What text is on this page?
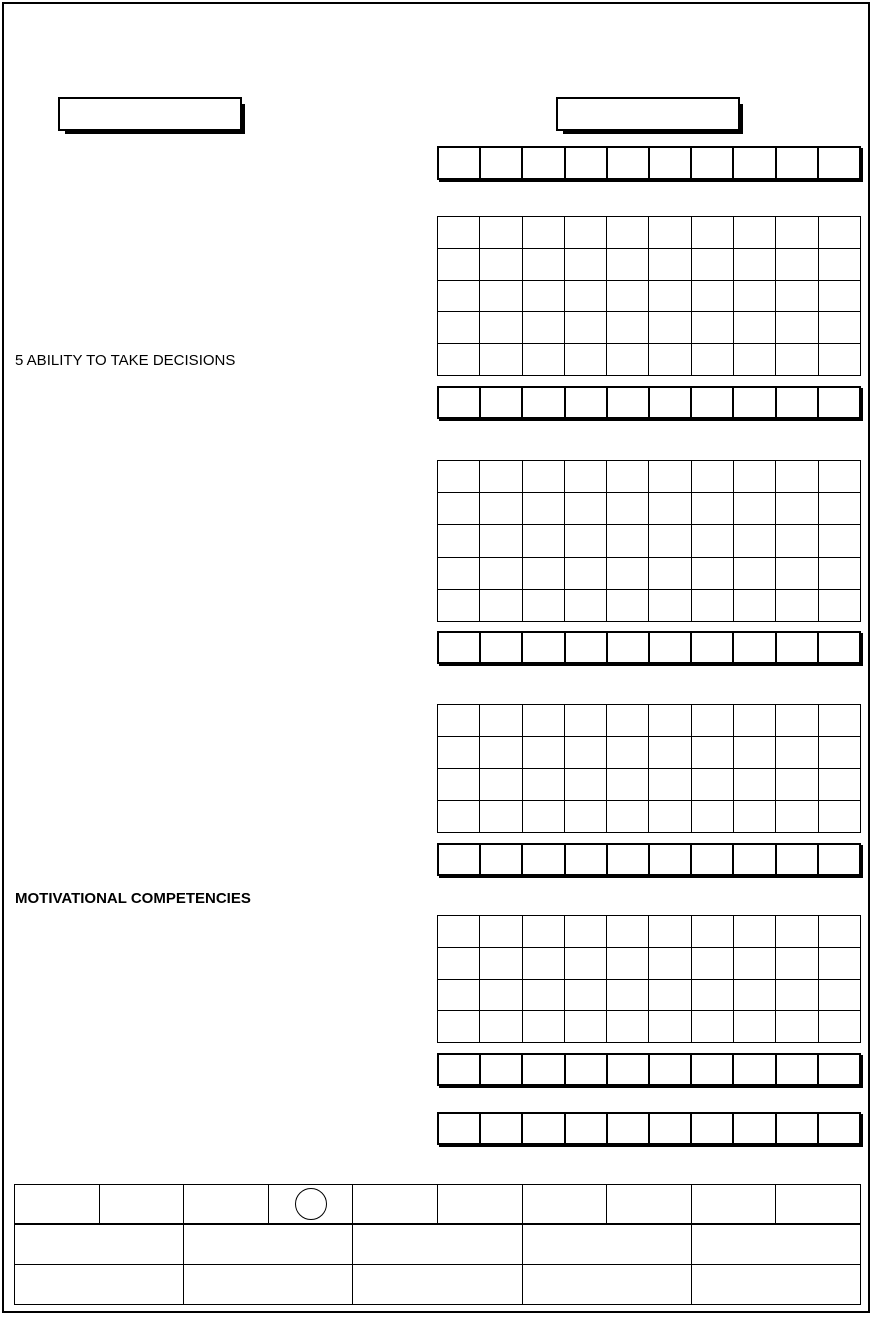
5 ABILITY TO TAKE DECISIONS

MOTIVATIONAL COMPETENCIES
